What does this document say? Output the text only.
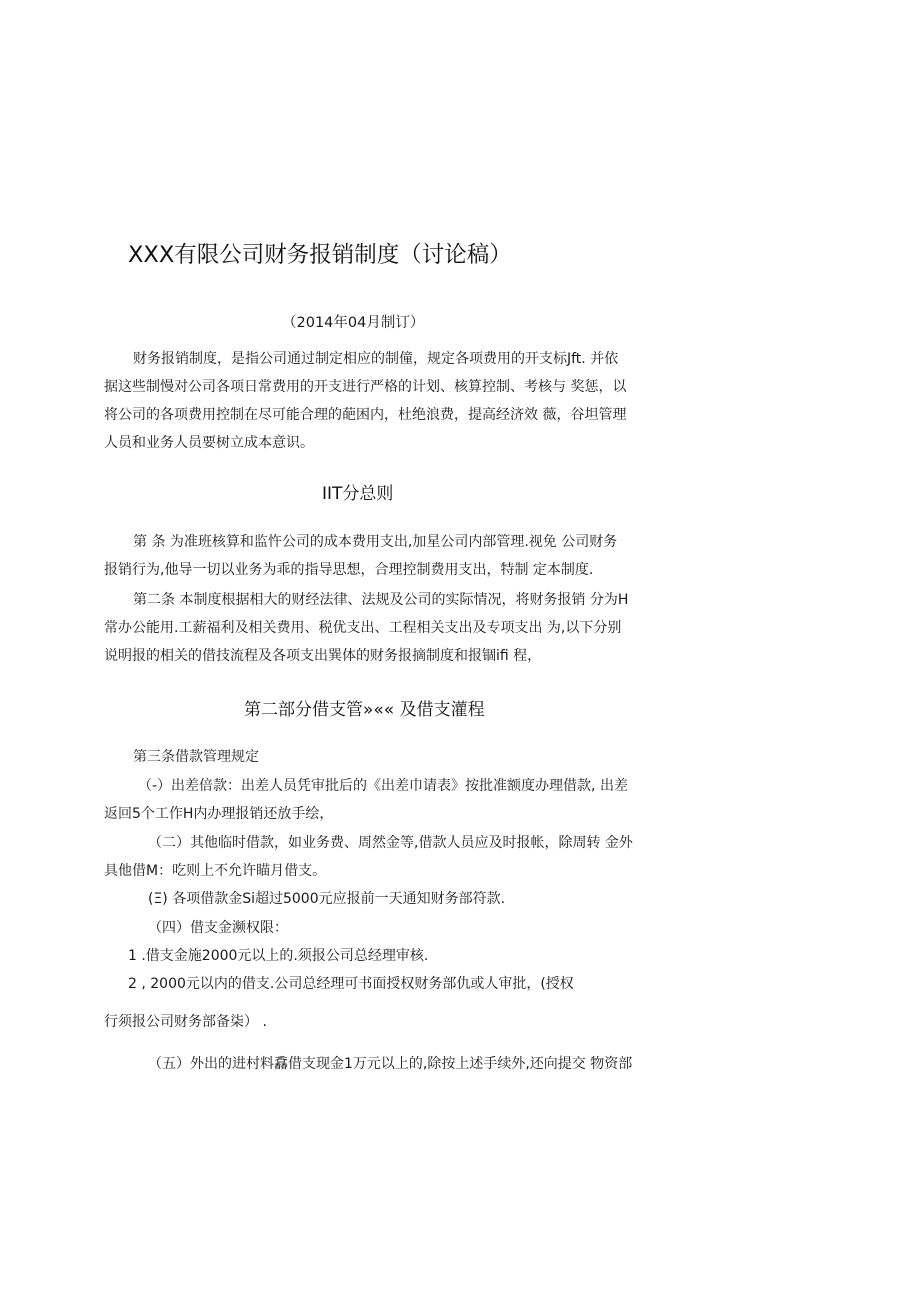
XXX有限公司财务报销制度（讨论稿）
（2014年04月制订）
财务报销制度，是指公司通过制定相应的制僮，规定各项费用的开支标Jft. 并依
据这些制慢对公司各项日常费用的开支进行严格的计划、核算控制、考核与 奖惩，以
将公司的各项费用控制在尽可能合理的葩困内，杜绝浪费，提高经济效 薇，谷坦管理
人员和业务人员要树立成本意识。
IIT分总则
第 条 为准班核算和监忤公司的成本费用支出,加星公司内部管理.视免 公司财务
报销行为,他导一切以业务为乖的指导思想，合理控制费用支出，特制 定本制度.
第二条 本制度根据相大的财经法律、法规及公司的实际情况，将财务报销 分为H
常办公能用.工薪福利及相关费用、税优支出、工程相关支出及专项支出 为,以下分别
说明报的相关的借技流程及各项支出巽体的财务报摘制度和报锢ifi 程，
第二部分借支管»«« 及借支灌程
第三条借款管理规定
（-）出差倍款：出差人员凭审批后的《出差巾请表》按批准额度办理借款, 出差
返回5个工作H内办理报销还放手绘，
（二）其他临时借款，如业务费、周然金等,借款人员应及时报帐，除周转 金外
具他借M：吃则上不允许瞄月借支。
(Ξ) 各项借款金Si超过5000元应报前一天通知财务部符款.
（四）借支金濒权限：
1 .借支金施2000元以上的.须报公司总经理审核.
2 , 2000元以内的借支.公司总经理可书面授权财务部仇或人审批，(授权
行须报公司财务部备柒） .
（五）外出的进村料馫借支现金1万元以上的,除按上述手续外,还向提交 物资部
